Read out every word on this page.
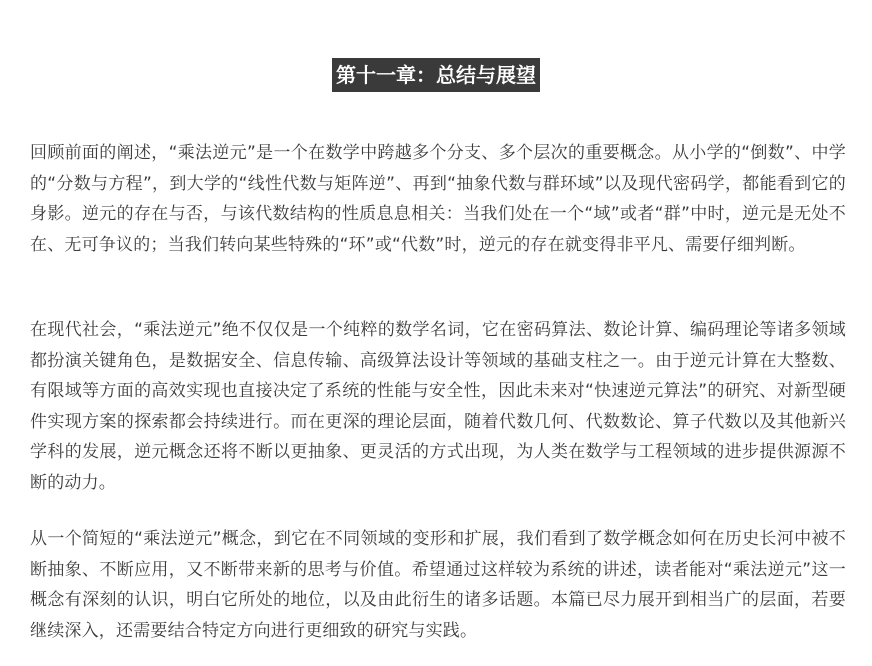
第十一章：总结与展望

回顾前面的阐述，“乘法逆元”是一个在数学中跨越多个分支、多个层次的重要概念。从小学的“倒数”、中学的“分数与方程”，到大学的“线性代数与矩阵逆”、再到“抽象代数与群环域”以及现代密码学，都能看到它的身影。逆元的存在与否，与该代数结构的性质息息相关：当我们处在一个“域”或者“群”中时，逆元是无处不在、无可争议的；当我们转向某些特殊的“环”或“代数”时，逆元的存在就变得非平凡、需要仔细判断。

在现代社会，“乘法逆元”绝不仅仅是一个纯粹的数学名词，它在密码算法、数论计算、编码理论等诸多领域都扮演关键角色，是数据安全、信息传输、高级算法设计等领域的基础支柱之一。由于逆元计算在大整数、有限域等方面的高效实现也直接决定了系统的性能与安全性，因此未来对“快速逆元算法”的研究、对新型硬件实现方案的探索都会持续进行。而在更深的理论层面，随着代数几何、代数数论、算子代数以及其他新兴学科的发展，逆元概念还将不断以更抽象、更灵活的方式出现，为人类在数学与工程领域的进步提供源源不断的动力。

从一个简短的“乘法逆元”概念，到它在不同领域的变形和扩展，我们看到了数学概念如何在历史长河中被不断抽象、不断应用，又不断带来新的思考与价值。希望通过这样较为系统的讲述，读者能对“乘法逆元”这一概念有深刻的认识，明白它所处的地位，以及由此衍生的诸多话题。本篇已尽力展开到相当广的层面，若要继续深入，还需要结合特定方向进行更细致的研究与实践。
